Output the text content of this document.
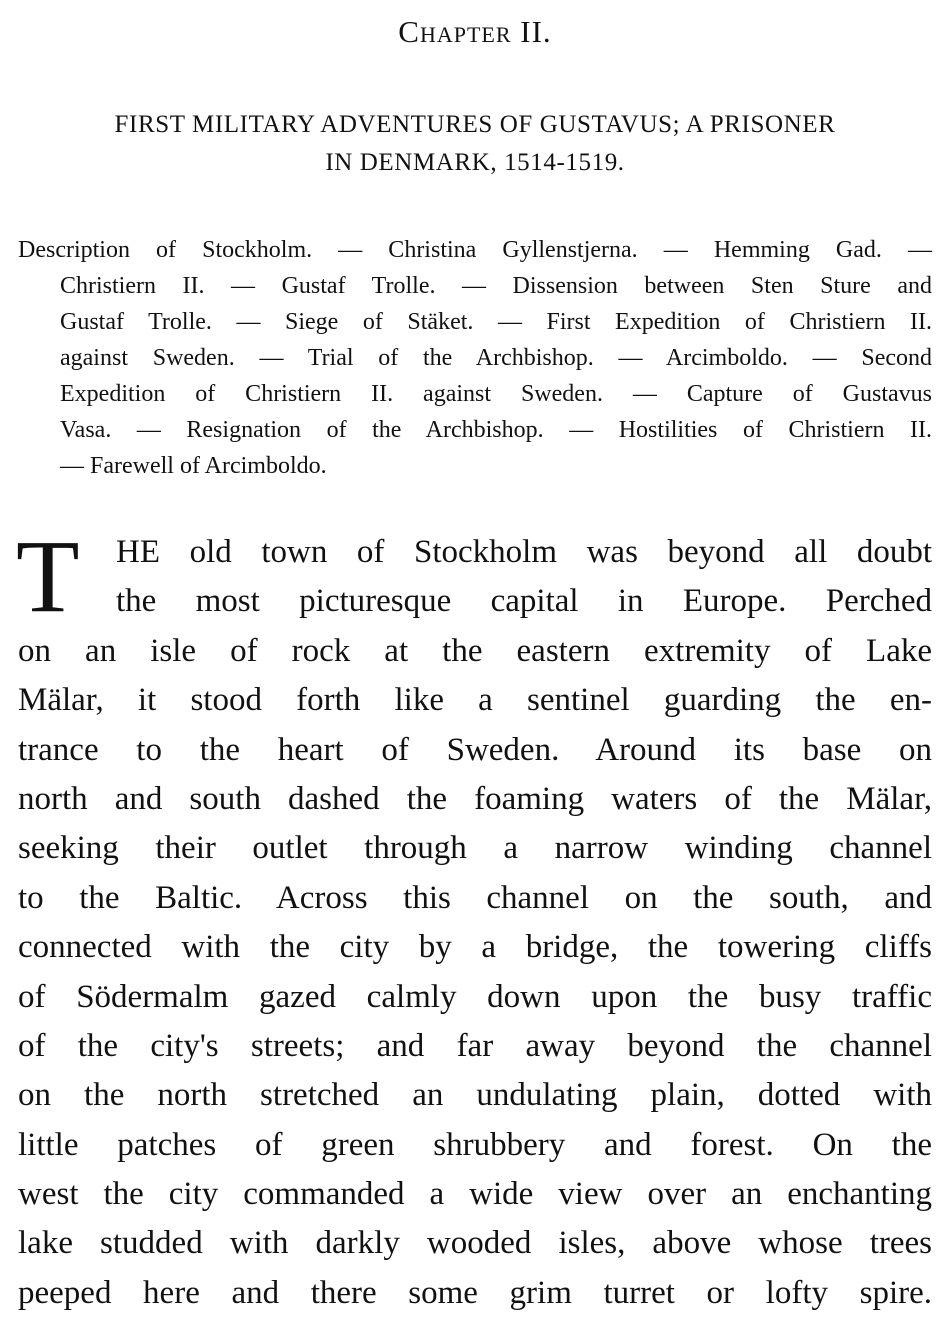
Chapter II.
FIRST MILITARY ADVENTURES OF GUSTAVUS; A PRISONER
IN DENMARK, 1514-1519.
Description of Stockholm. — Christina Gyllenstjerna. — Hemming Gad. —
Christiern II. — Gustaf Trolle. — Dissension between Sten Sture and
Gustaf Trolle. — Siege of Stäket. — First Expedition of Christiern II.
against Sweden. — Trial of the Archbishop. — Arcimboldo. — Second
Expedition of Christiern II. against Sweden. — Capture of Gustavus
Vasa. — Resignation of the Archbishop. — Hostilities of Christiern II.
— Farewell of Arcimboldo.
T HE old town of Stockholm was beyond all doubt
the most picturesque capital in Europe. Perched
on an isle of rock at the eastern extremity of Lake
Mälar, it stood forth like a sentinel guarding the en-
trance to the heart of Sweden. Around its base on
north and south dashed the foaming waters of the Mälar,
seeking their outlet through a narrow winding channel
to the Baltic. Across this channel on the south, and
connected with the city by a bridge, the towering cliffs
of Södermalm gazed calmly down upon the busy traffic
of the city's streets; and far away beyond the channel
on the north stretched an undulating plain, dotted with
little patches of green shrubbery and forest. On the
west the city commanded a wide view over an enchanting
lake studded with darkly wooded isles, above whose trees
peeped here and there some grim turret or lofty spire.
